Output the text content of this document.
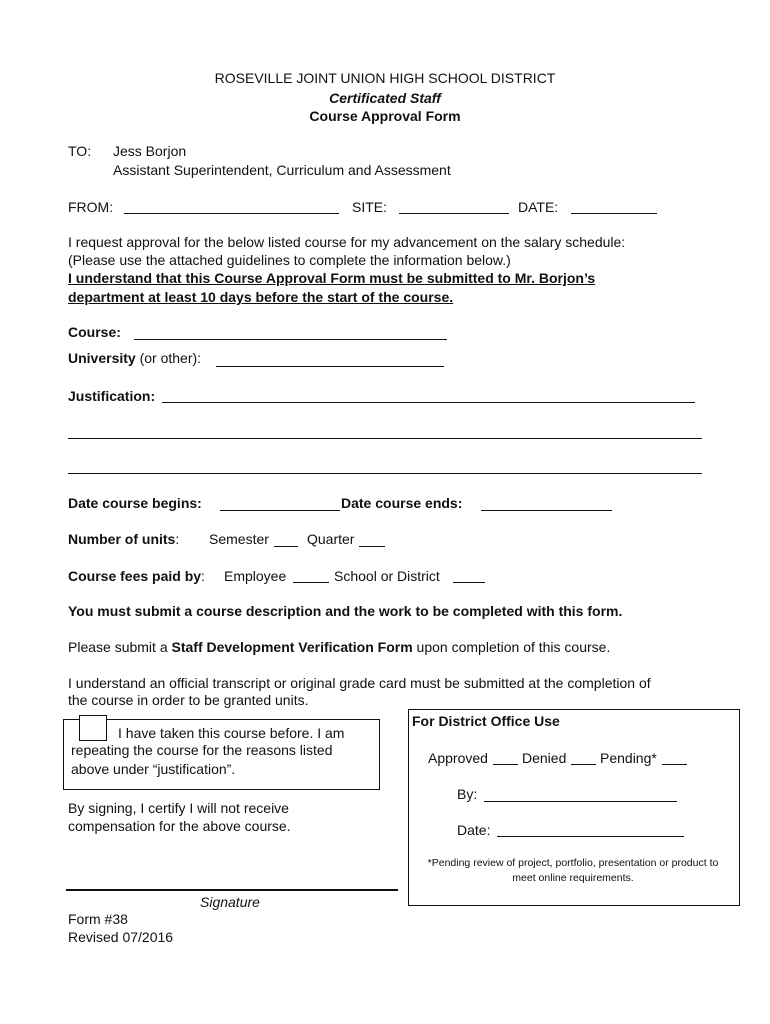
ROSEVILLE JOINT UNION HIGH SCHOOL DISTRICT
Certificated Staff
Course Approval Form
TO: Jess Borjon
Assistant Superintendent, Curriculum and Assessment
FROM:	SITE:	DATE:
I request approval for the below listed course for my advancement on the salary schedule:
(Please use the attached guidelines to complete the information below.)
I understand that this Course Approval Form must be submitted to Mr. Borjon’s
department at least 10 days before the start of the course.
Course:
University (or other):
Justification:
Date course begins:	Date course ends:
Number of units: Semester	Quarter
Course fees paid by: Employee	School or District
You must submit a course description and the work to be completed with this form.
Please submit a Staff Development Verification Form upon completion of this course.
I understand an official transcript or original grade card must be submitted at the completion of
the course in order to be granted units.
I have taken this course before. I am
repeating the course for the reasons listed
above under “justification”.
By signing, I certify I will not receive
compensation for the above course.
Signature
Form #38
Revised 07/2016
For District Office Use
Approved Denied Pending*
By:
Date:
*Pending review of project, portfolio, presentation or product to
meet online requirements.
